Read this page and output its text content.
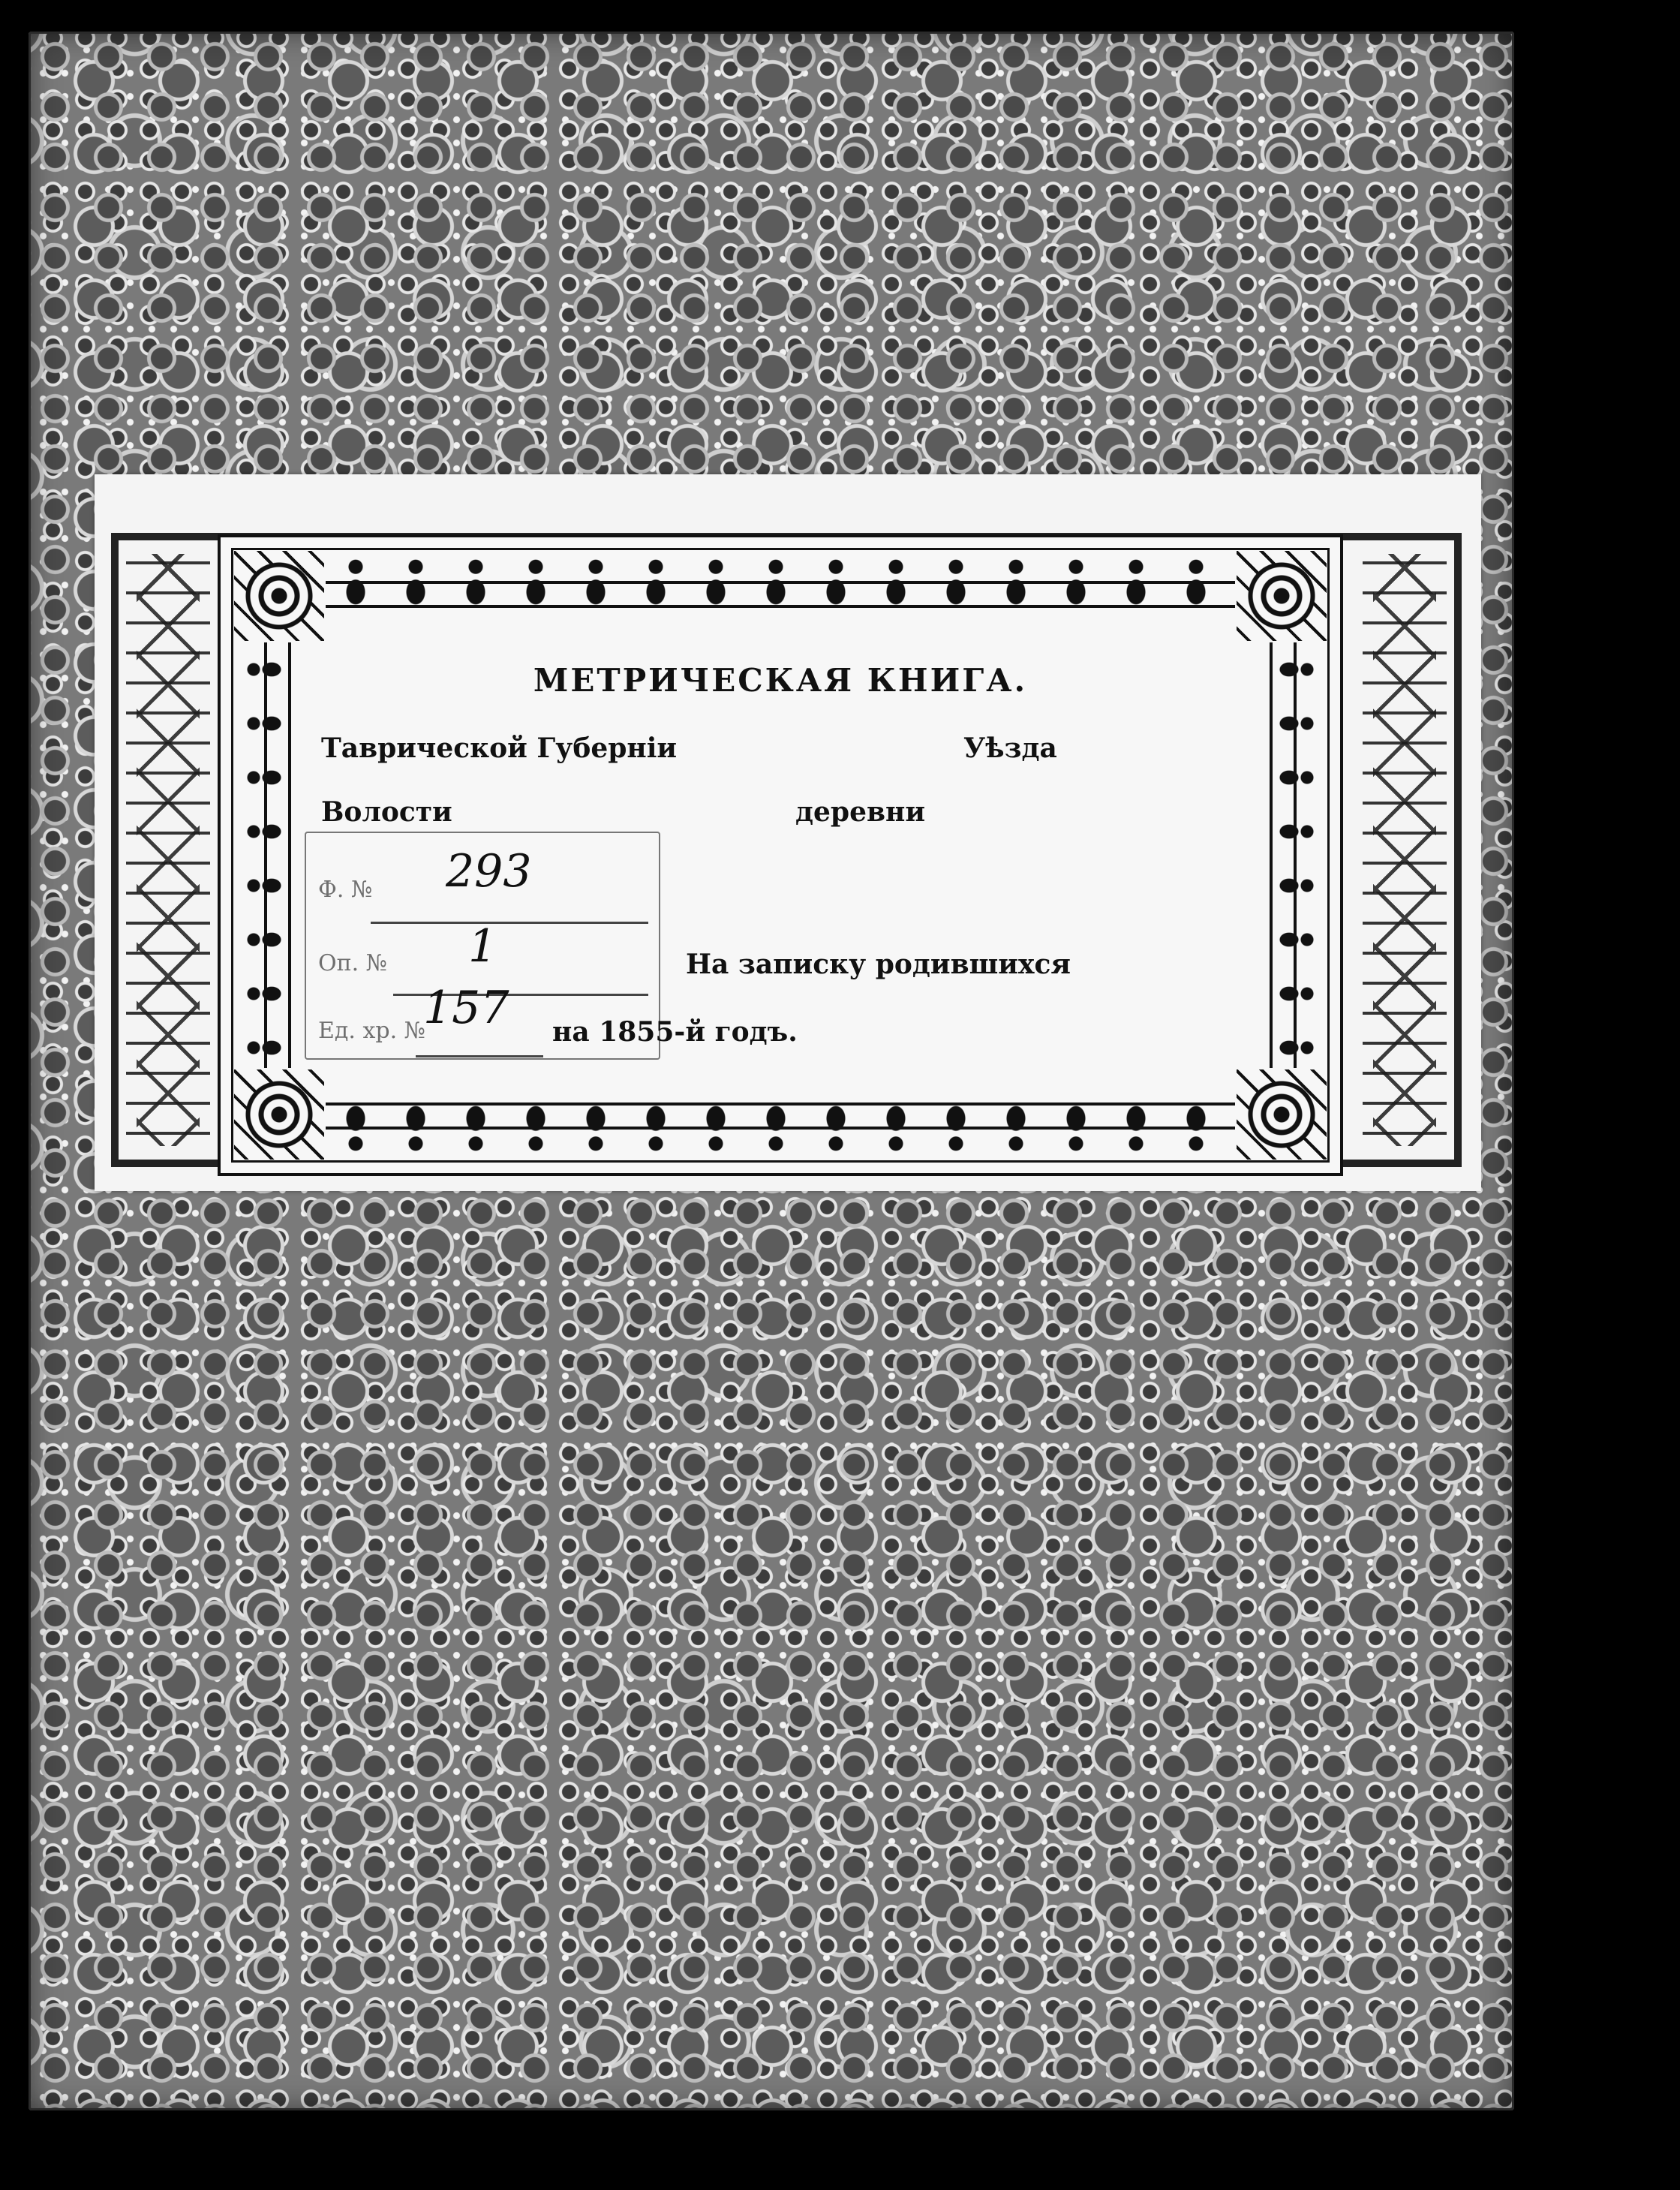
МЕТРИЧЕСКАЯ КНИГА.
Таврической Губерніи	Уѣзда
Волости	деревни
Ф. № 293
Оп. № 1	На записку родившихся
Ед. хр. №
157 на 1855-й годъ.
